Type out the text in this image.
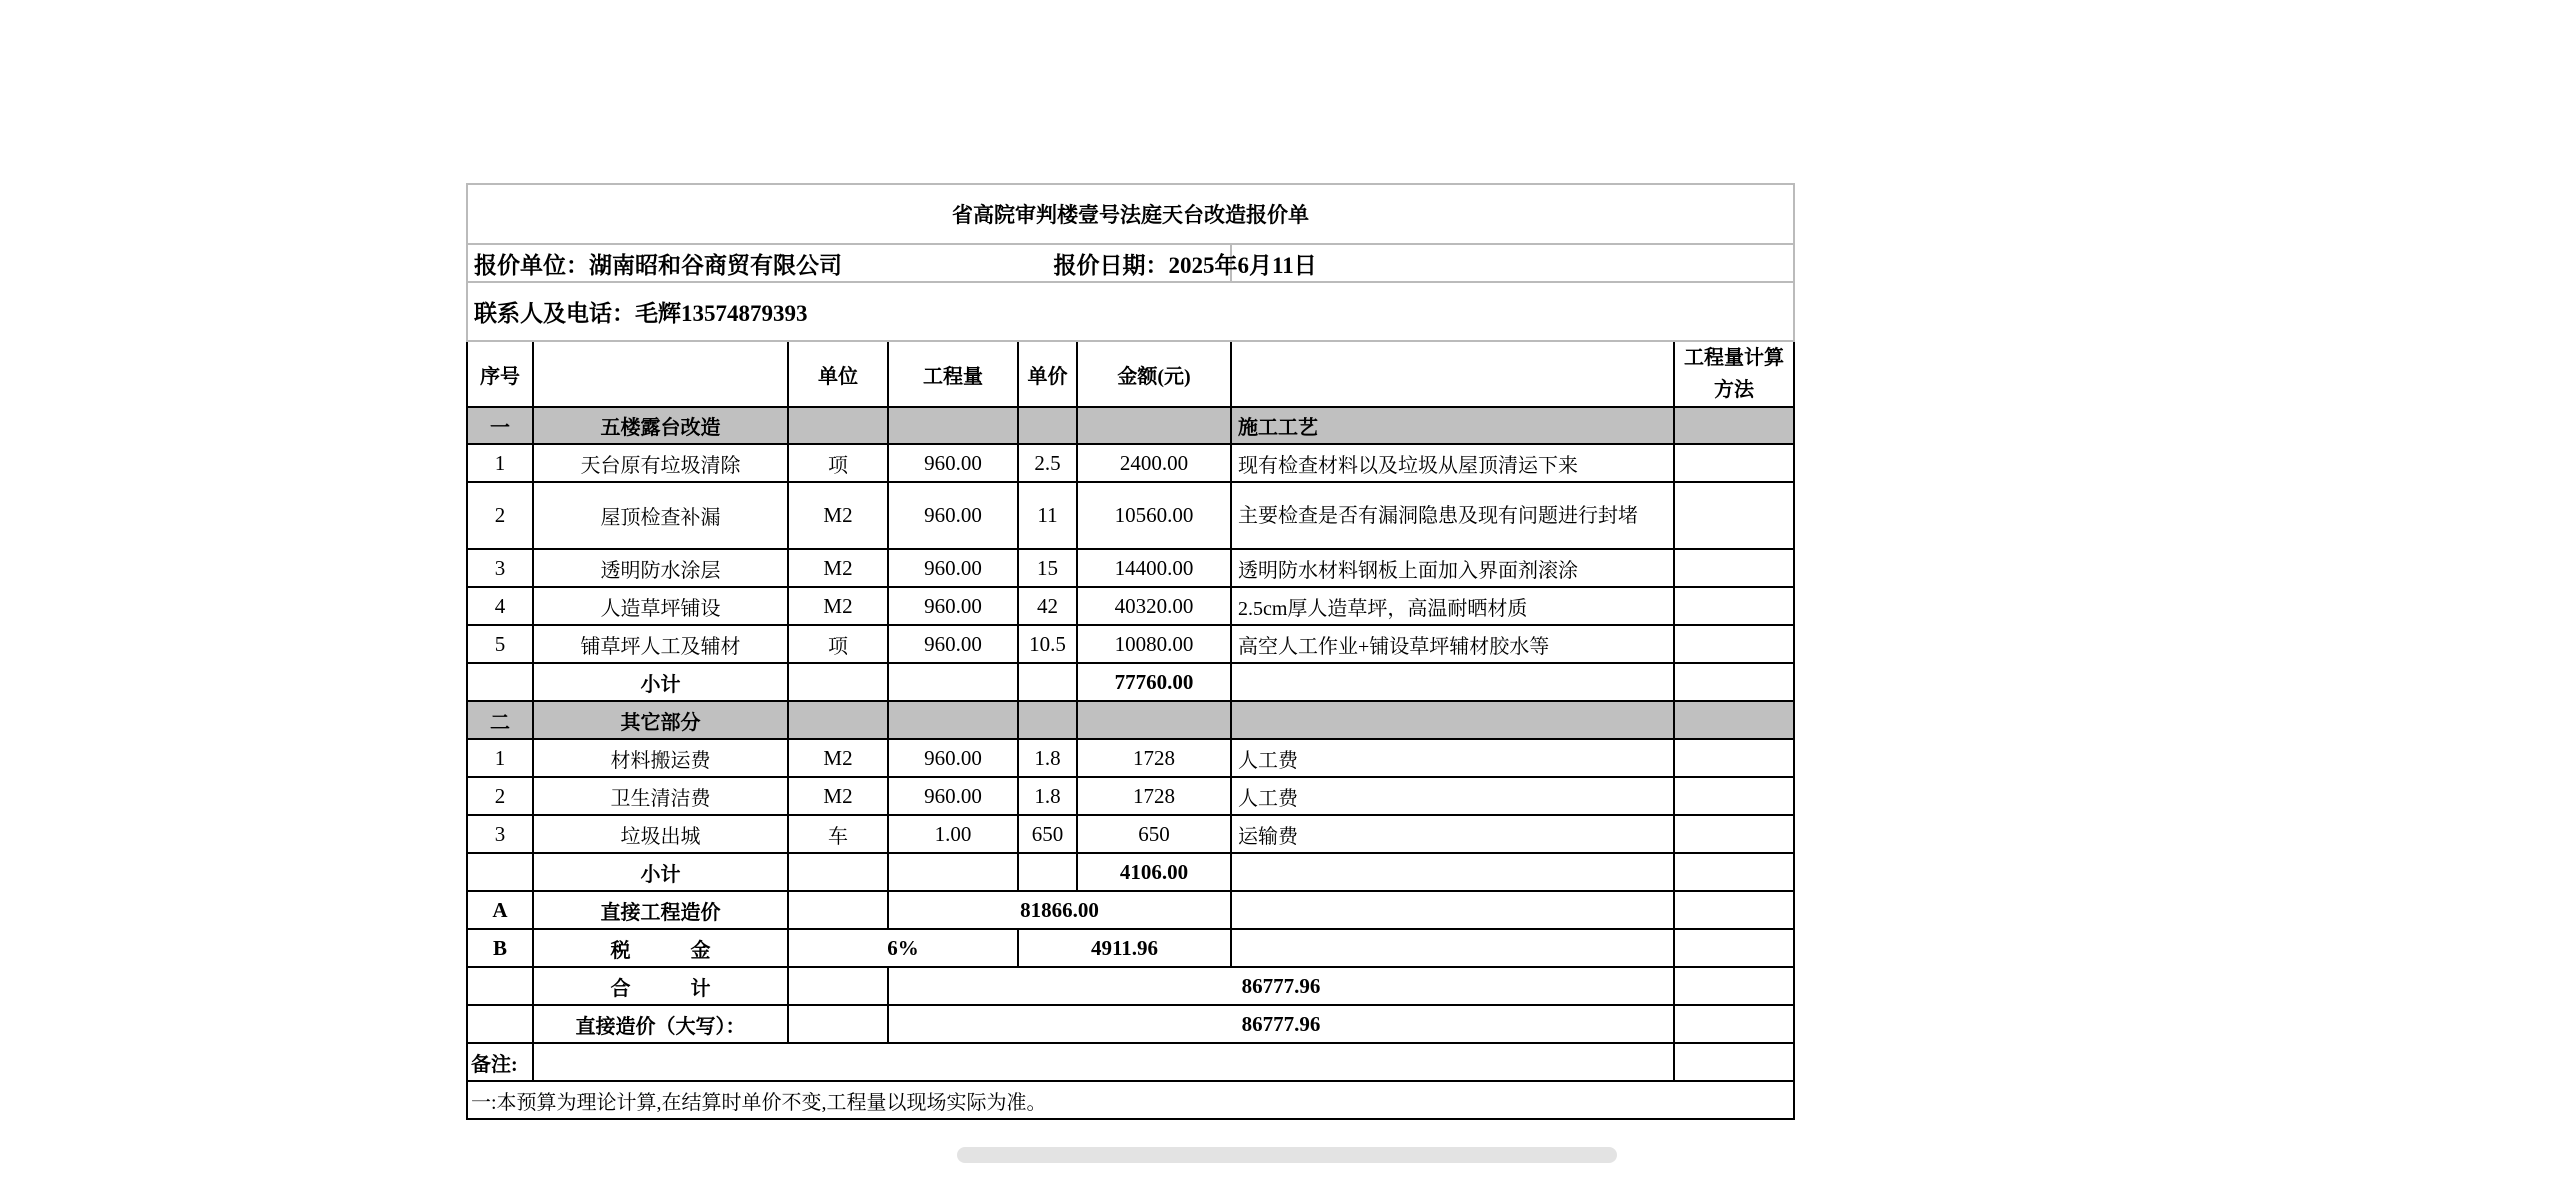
省高院审判楼壹号法庭天台改造报价单							
报价单位：湖南昭和谷商贸有限公司 报价日期：2025年6月11日							
联系人及电话：毛辉13574879393							
序号		单位	工程量	单价	金额(元)		工程量计算方法
一	五楼露台改造					施工工艺	
1	天台原有垃圾清除	项	960.00	2.5	2400.00	现有检查材料以及垃圾从屋顶清运下来	
2	屋顶检查补漏	M2	960.00	11	10560.00	主要检查是否有漏洞隐患及现有问题进行封堵	
3	透明防水涂层	M2	960.00	15	14400.00	透明防水材料钢板上面加入界面剂滚涂	
4	人造草坪铺设	M2	960.00	42	40320.00	2.5cm厚人造草坪，高温耐晒材质	
5	铺草坪人工及辅材	项	960.00	10.5	10080.00	高空人工作业+铺设草坪辅材胶水等	
	小计				77760.00		
二	其它部分						
1	材料搬运费	M2	960.00	1.8	1728	人工费	
2	卫生清洁费	M2	960.00	1.8	1728	人工费	
3	垃圾出城	车	1.00	650	650	运输费	
	小计				4106.00		
A	直接工程造价		81866.00				
B	税　　　金	6%		4911.96			
	合　　　计		86777.96				
	直接造价（大写）：		86777.96				
备注:							
一:本预算为理论计算,在结算时单价不变,工程量以现场实际为准。							
